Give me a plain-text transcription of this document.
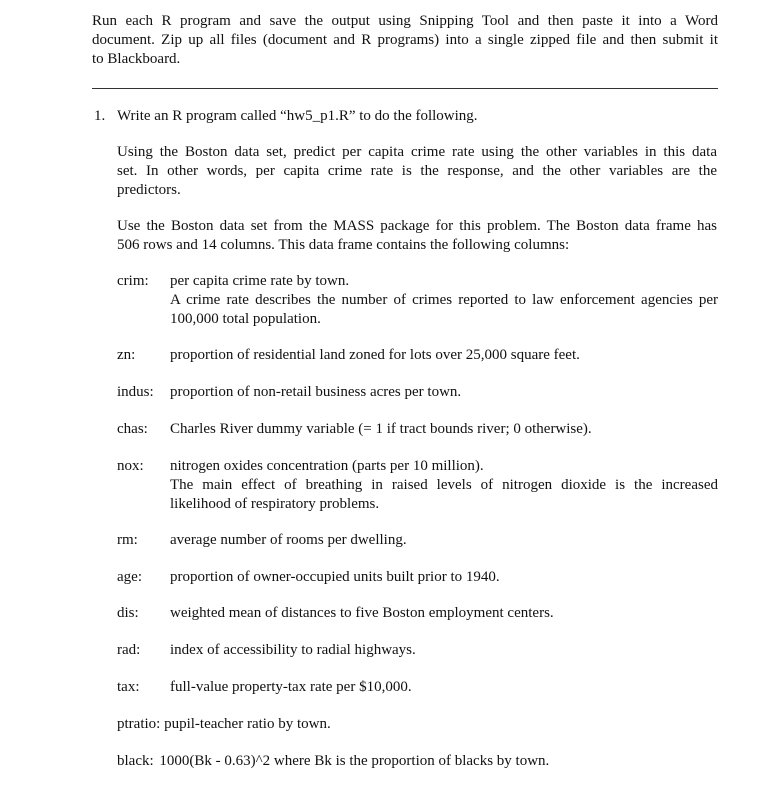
Run each R program and save the output using Snipping Tool and then paste it into a Word
document. Zip up all files (document and R programs) into a single zipped file and then submit it
to Blackboard.
1. Write an R program called “hw5_p1.R” to do the following.
Using the Boston data set, predict per capita crime rate using the other variables in this data
set. In other words, per capita crime rate is the response, and the other variables are the
predictors.
Use the Boston data set from the MASS package for this problem. The Boston data frame has
506 rows and 14 columns. This data frame contains the following columns:
crim: per capita crime rate by town.
A crime rate describes the number of crimes reported to law enforcement agencies per
100,000 total population.
zn: proportion of residential land zoned for lots over 25,000 square feet.
indus: proportion of non-retail business acres per town.
chas: Charles River dummy variable (= 1 if tract bounds river; 0 otherwise).
nox: nitrogen oxides concentration (parts per 10 million).
The main effect of breathing in raised levels of nitrogen dioxide is the increased
likelihood of respiratory problems.
rm: average number of rooms per dwelling.
age: proportion of owner-occupied units built prior to 1940.
dis: weighted mean of distances to five Boston employment centers.
rad: index of accessibility to radial highways.
tax: full-value property-tax rate per $10,000.
ptratio: pupil-teacher ratio by town.
black: 1000(Bk - 0.63)^2 where Bk is the proportion of blacks by town.
